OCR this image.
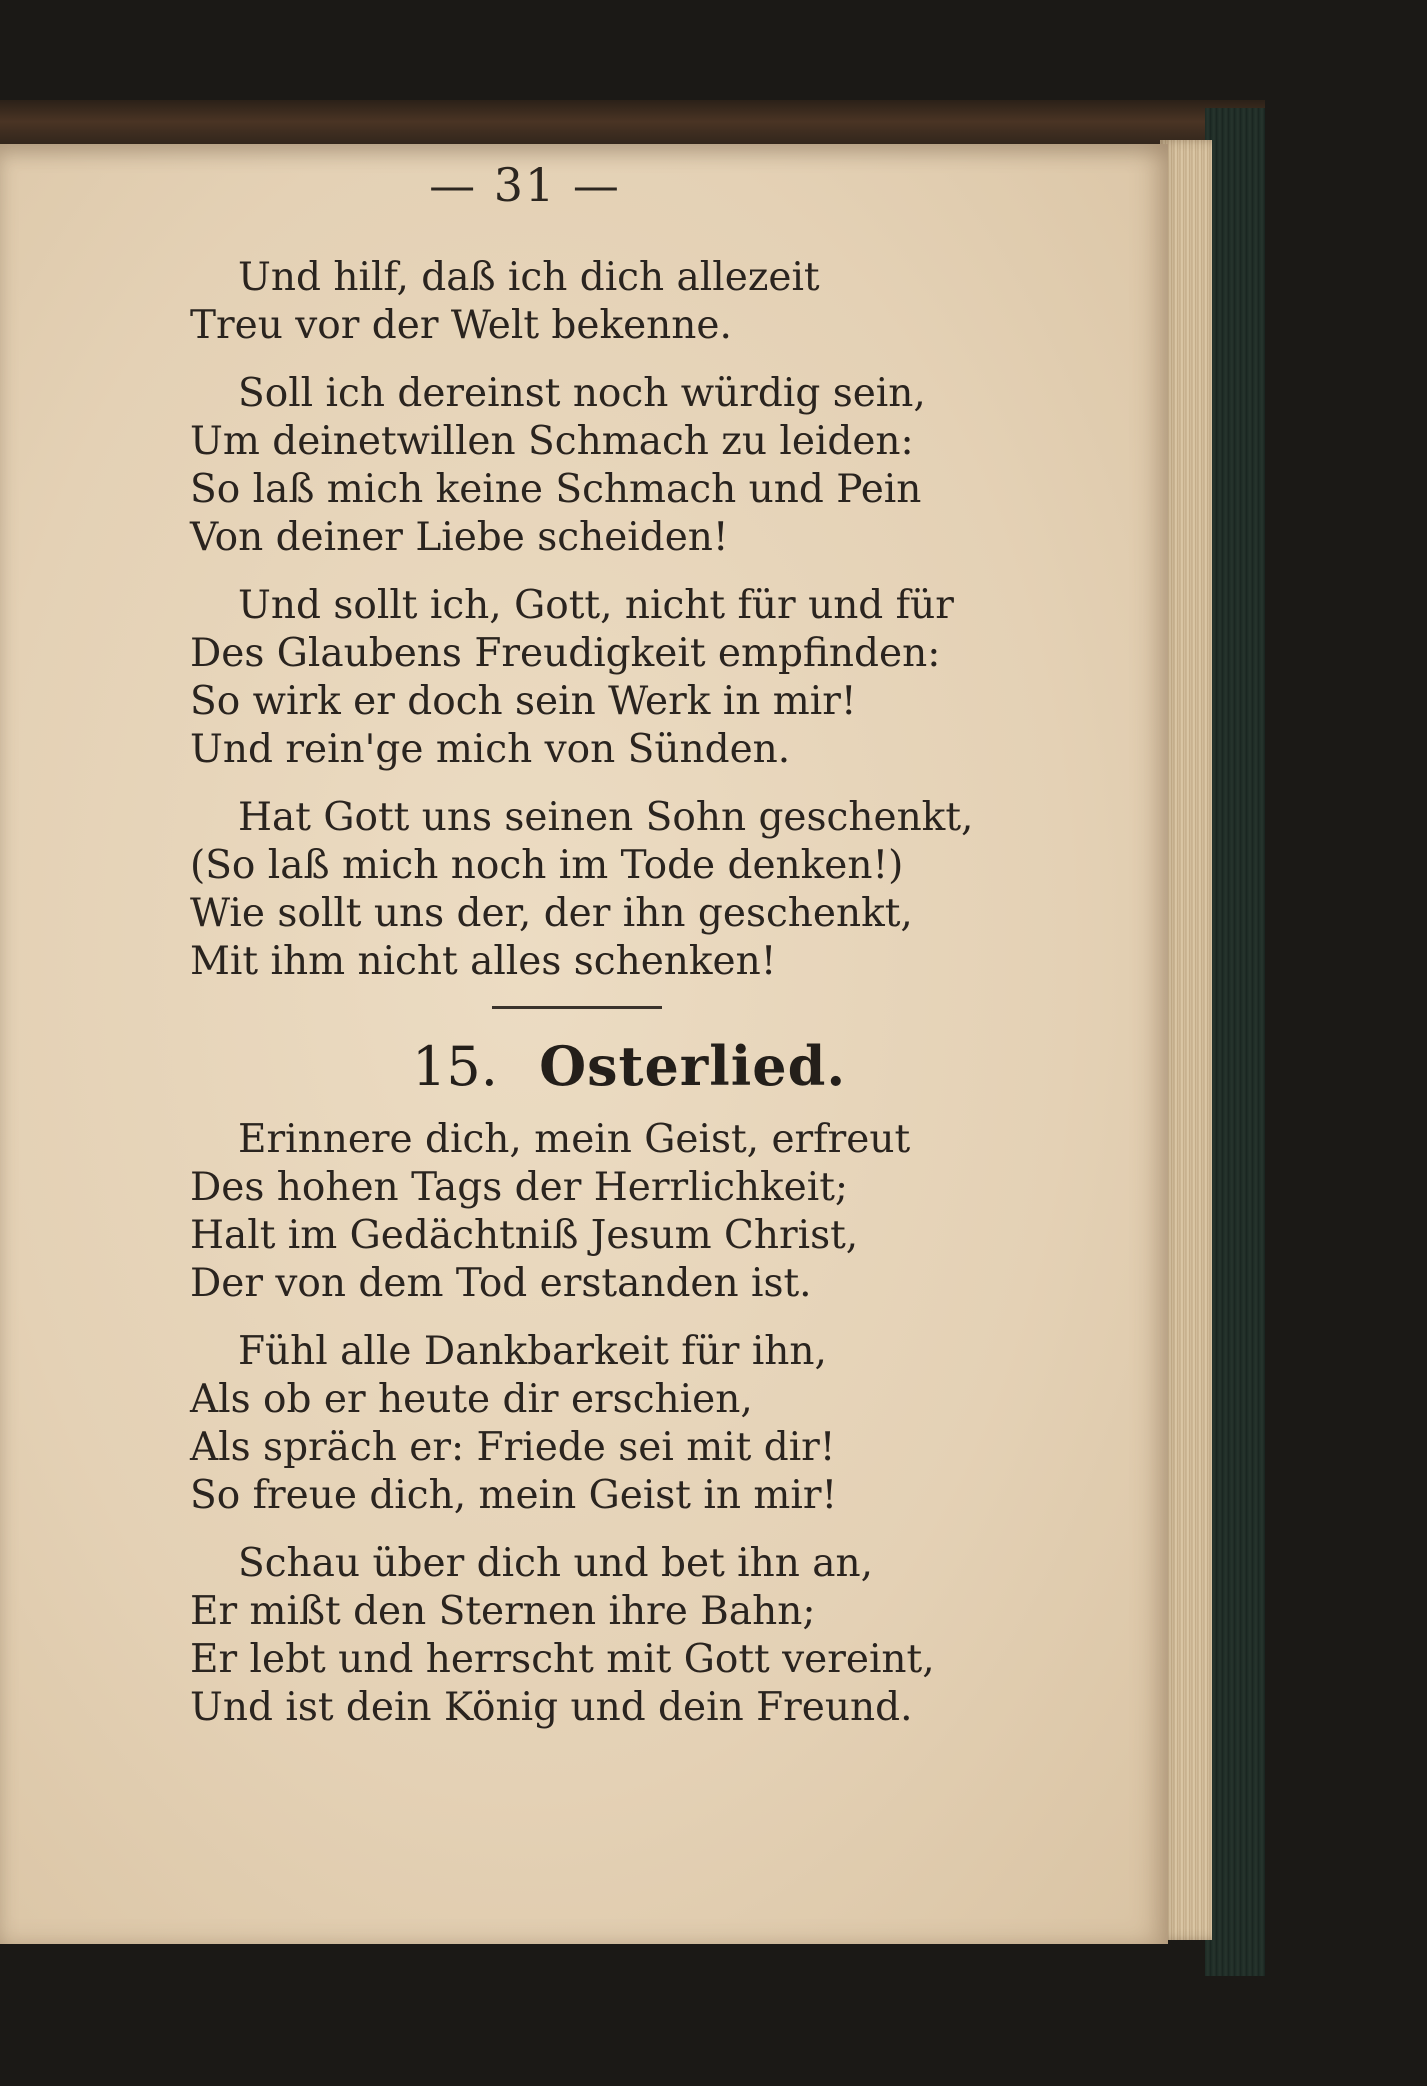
— 31 —
Und hilf, daß ich dich allezeit
Treu vor der Welt bekenne.
Soll ich dereinst noch würdig sein,
Um deinetwillen Schmach zu leiden:
So laß mich keine Schmach und Pein
Von deiner Liebe scheiden!
Und sollt ich, Gott, nicht für und für
Des Glaubens Freudigkeit empfinden:
So wirk er doch sein Werk in mir!
Und rein'ge mich von Sünden.
Hat Gott uns seinen Sohn geschenkt,
(So laß mich noch im Tode denken!)
Wie sollt uns der, der ihn geschenkt,
Mit ihm nicht alles schenken!
15. Osterlied.
Erinnere dich, mein Geist, erfreut
Des hohen Tags der Herrlichkeit;
Halt im Gedächtniß Jesum Christ,
Der von dem Tod erstanden ist.
Fühl alle Dankbarkeit für ihn,
Als ob er heute dir erschien,
Als spräch er: Friede sei mit dir!
So freue dich, mein Geist in mir!
Schau über dich und bet ihn an,
Er mißt den Sternen ihre Bahn;
Er lebt und herrscht mit Gott vereint,
Und ist dein König und dein Freund.
